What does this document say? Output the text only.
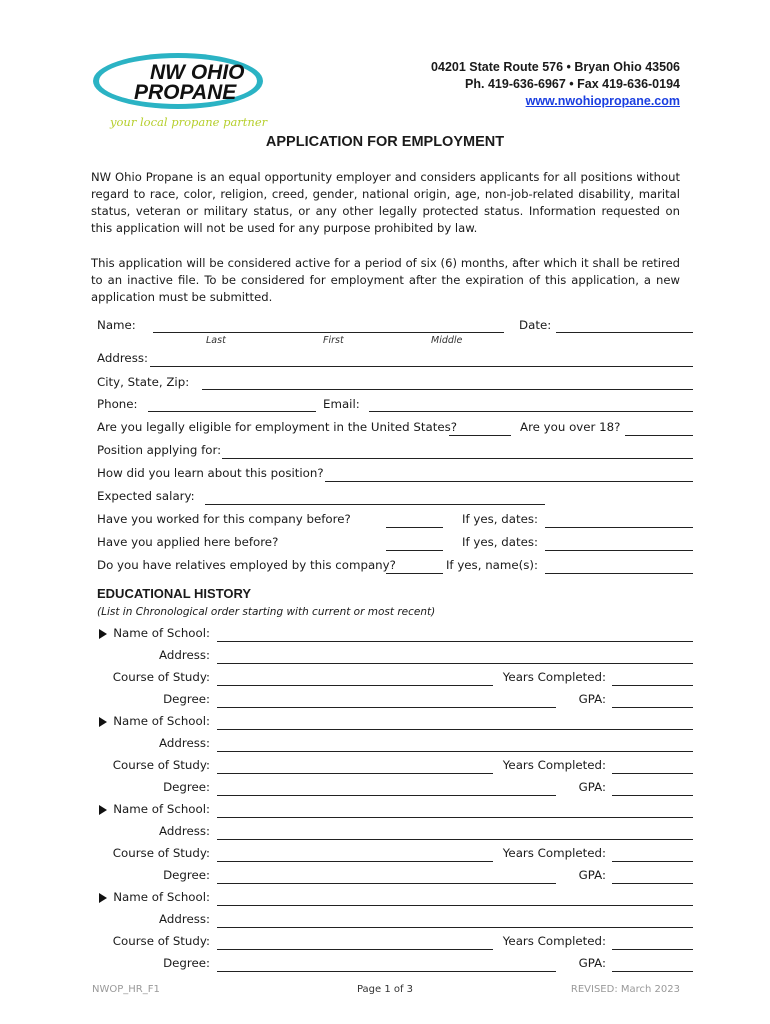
NW OHIO
PROPANE
your local propane partner
04201 State Route 576 • Bryan Ohio 43506
Ph. 419-636-6967 • Fax 419-636-0194
www.nwohiopropane.com
APPLICATION FOR EMPLOYMENT
NW Ohio Propane is an equal opportunity employer and considers applicants for all positions without regard to race, color, religion, creed, gender, national origin, age, non-job-related disability, marital status, veteran or military status, or any other legally protected status. Information requested on this application will not be used for any purpose prohibited by law.
This application will be considered active for a period of six (6) months, after which it shall be retired to an inactive file. To be considered for employment after the expiration of this application, a new application must be submitted.
Name:
Last	First	Middle
Date:
Address:
City, State, Zip:
Phone:	Email:
Are you legally eligible for employment in the United States?	Are you over 18?
Position applying for:
How did you learn about this position?
Expected salary:
Have you worked for this company before?	If yes, dates:
Have you applied here before?	If yes, dates:
Do you have relatives employed by this company?	If yes, name(s):
EDUCATIONAL HISTORY
(List in Chronological order starting with current or most recent)
Name of School:
Address:
Course of Study:	Years Completed:
Degree:	GPA:
Name of School:
Address:
Course of Study:	Years Completed:
Degree:	GPA:
Name of School:
Address:
Course of Study:	Years Completed:
Degree:	GPA:
Name of School:
Address:
Course of Study:	Years Completed:
Degree:	GPA:
NWOP_HR_F1	Page 1 of 3	REVISED: March 2023
